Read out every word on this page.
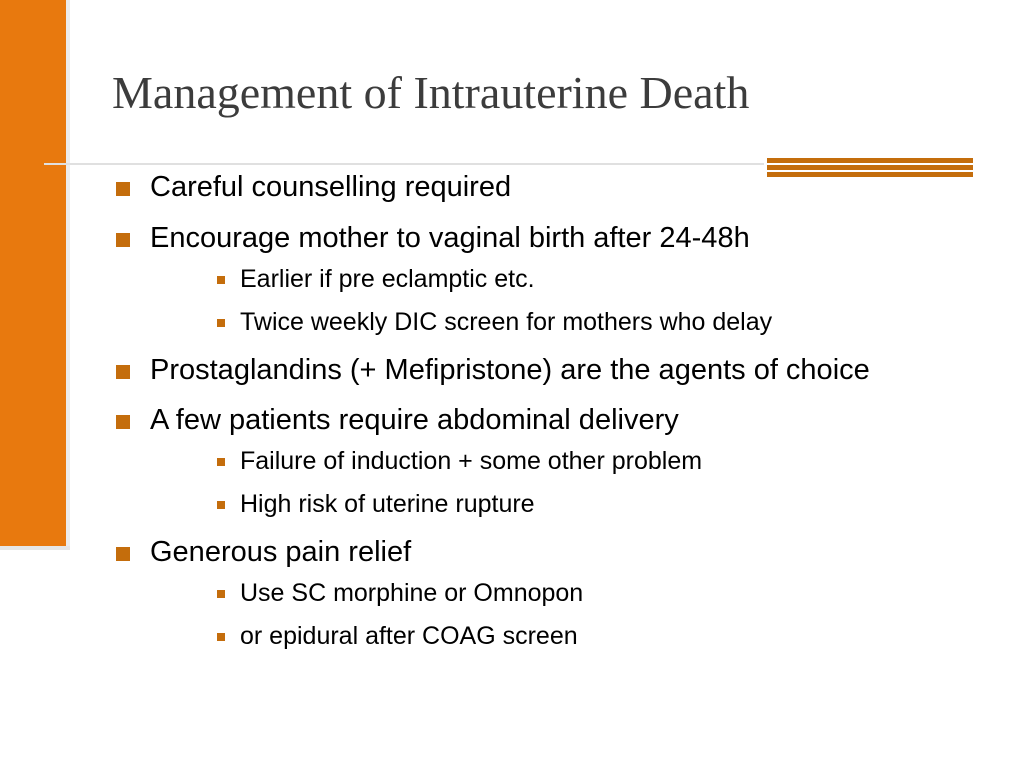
Management of Intrauterine Death
Careful counselling required
Encourage mother to vaginal birth after 24-48h
Earlier if pre eclamptic etc.
Twice weekly DIC screen for mothers who delay
Prostaglandins (+ Mefipristone) are the agents of choice
A few patients require abdominal delivery
Failure of induction + some other problem
High risk of uterine rupture
Generous pain relief
Use SC morphine or Omnopon
or epidural after COAG screen
